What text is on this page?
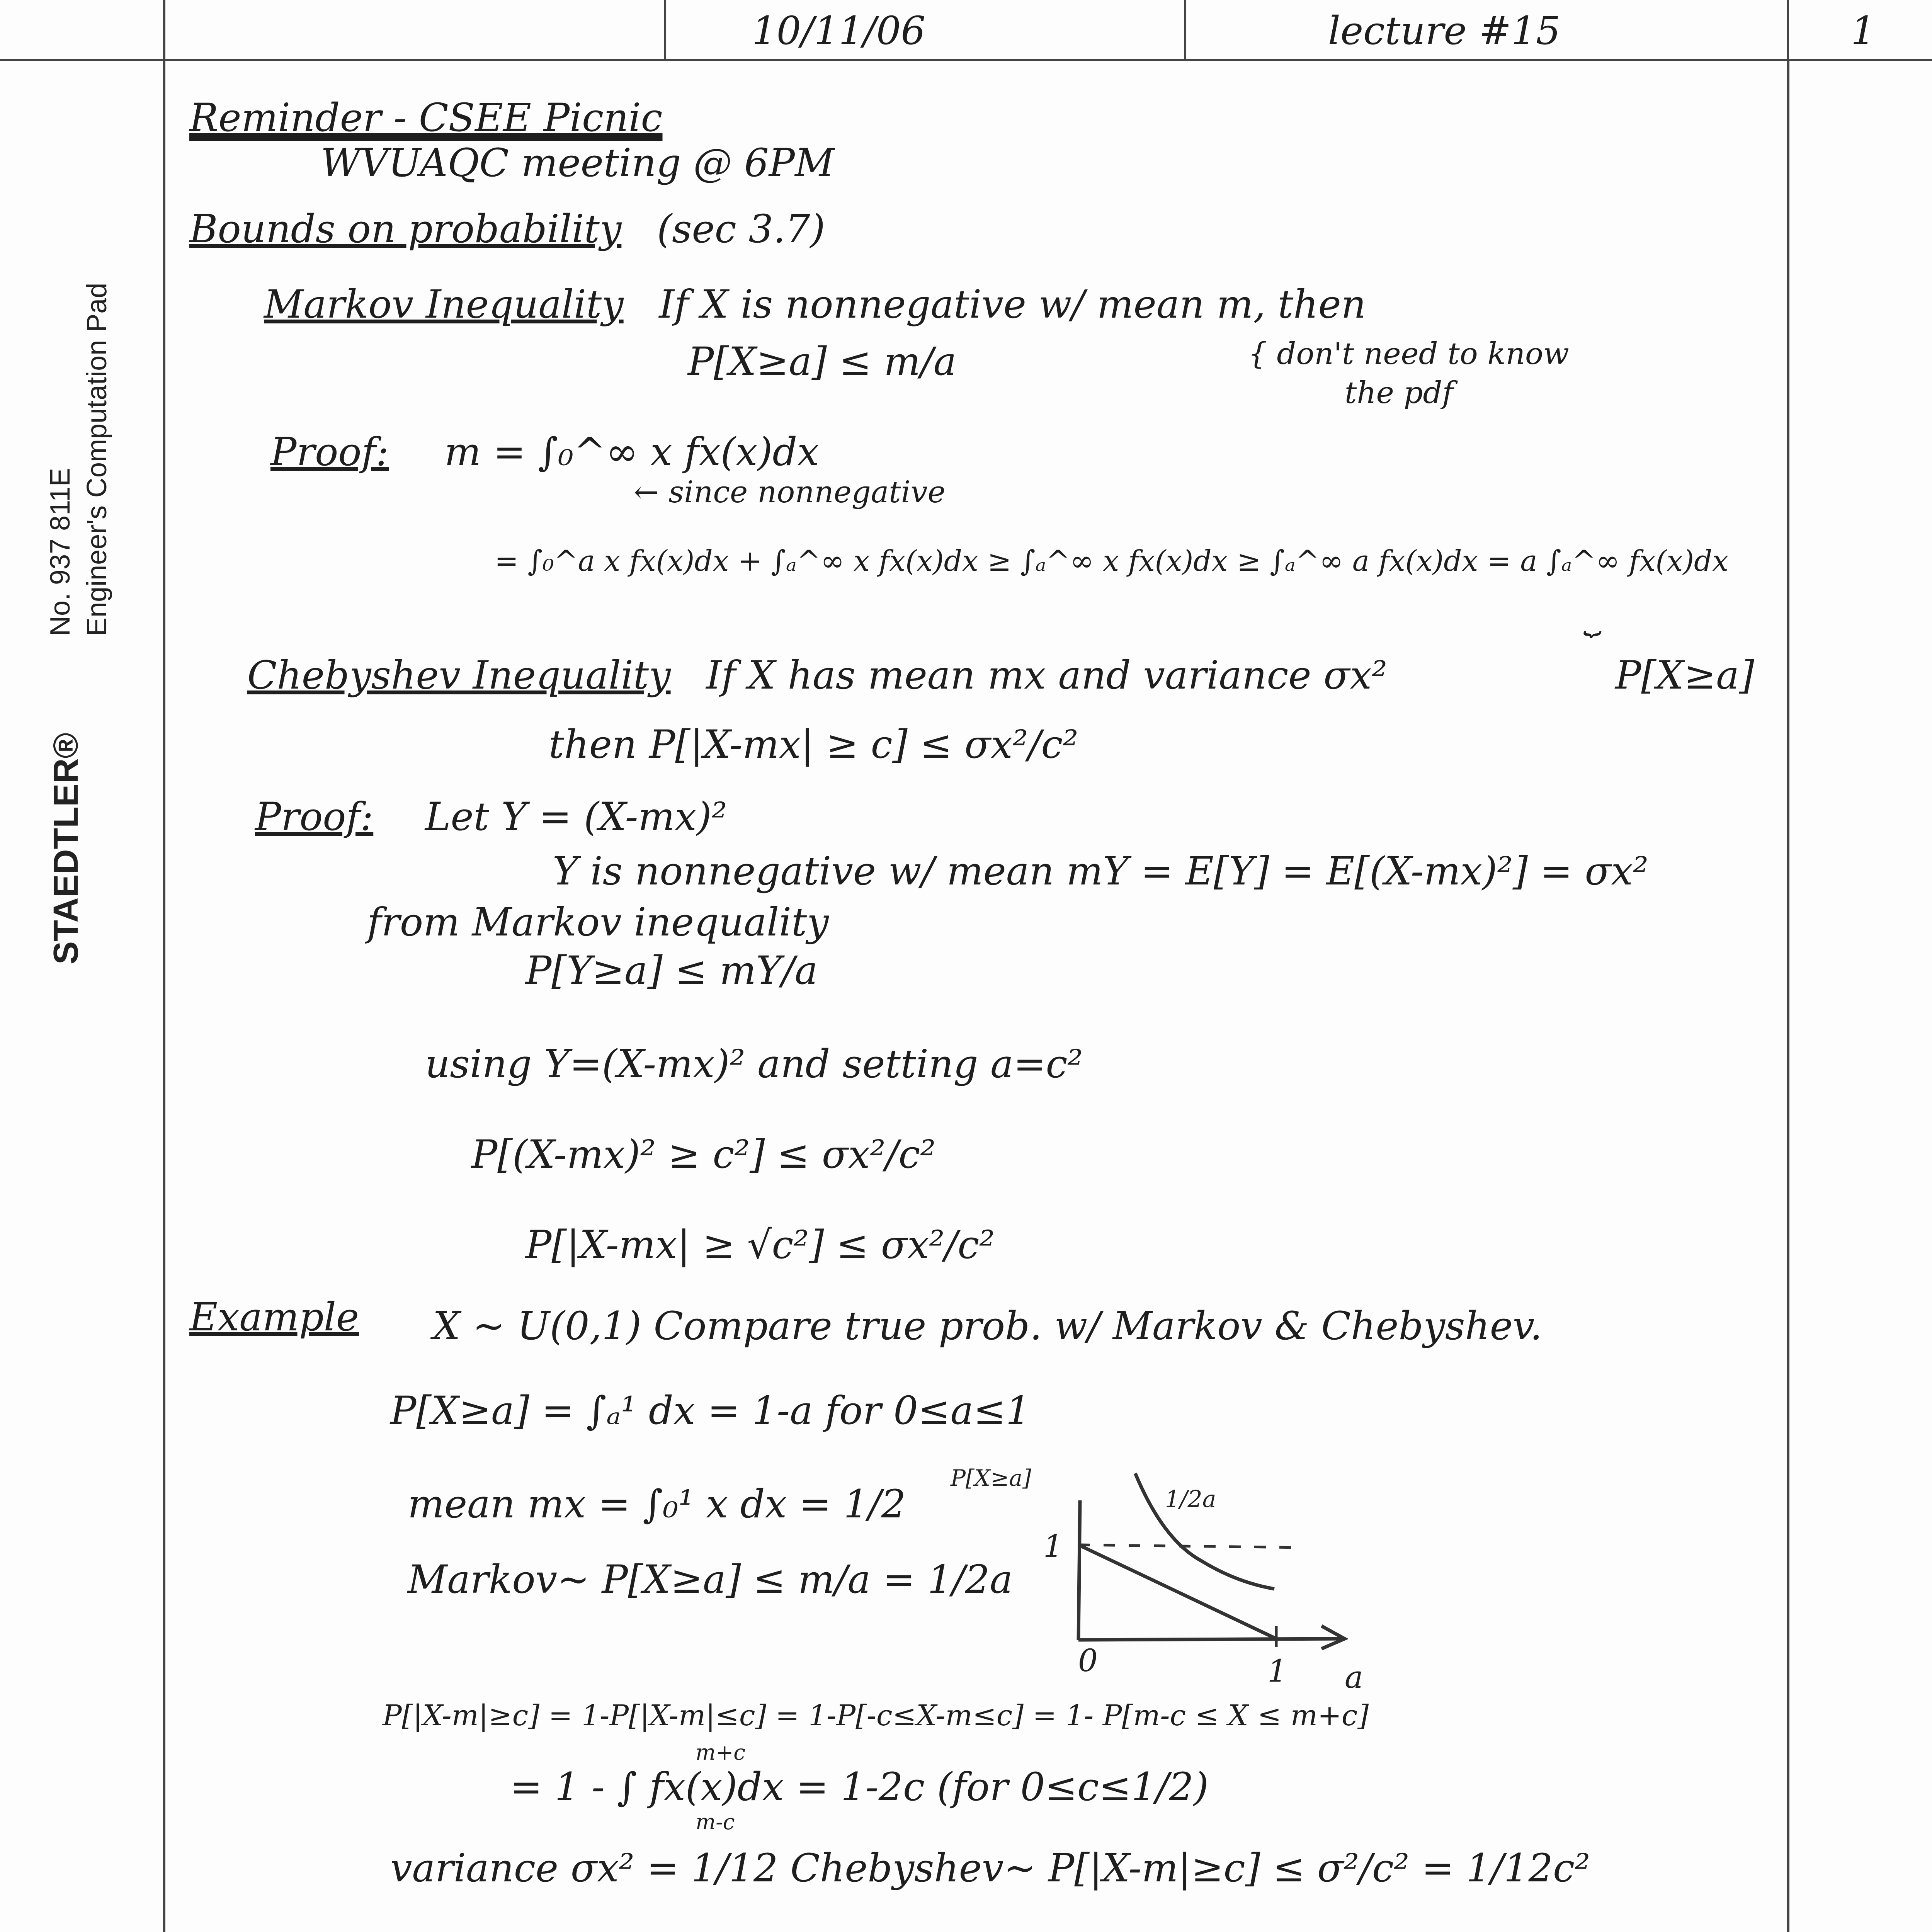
10/11/06	lecture #15	1
STAEDTLER®
No. 937 811E Engineer's Computation Pad
Reminder - CSEE Picnic
WVUAQC meeting @ 6PM
Bounds on probability (sec 3.7)
Markov Inequality If X is nonnegative w/ mean m, then
P[X≥a] ≤ m/a	{ don't need to know
the pdf
Proof: m = ∫₀^∞ x fx(x)dx
← since nonnegative
= ∫₀^a x fx(x)dx + ∫ₐ^∞ x fx(x)dx ≥ ∫ₐ^∞ x fx(x)dx ≥ ∫ₐ^∞ a fx(x)dx = a ∫ₐ^∞ fx(x)dx
⏟
P[X≥a]
Chebyshev Inequality If X has mean mx and variance σx²
then P[|X-mx| ≥ c] ≤ σx²/c²
Proof: Let Y = (X-mx)²
Y is nonnegative w/ mean mY = E[Y] = E[(X-mx)²] = σx²
from Markov inequality
P[Y≥a] ≤ mY/a
using Y=(X-mx)² and setting a=c²
P[(X-mx)² ≥ c²] ≤ σx²/c²
P[|X-mx| ≥ √c²] ≤ σx²/c²
Example X ~ U(0,1) Compare true prob. w/ Markov & Chebyshev.
P[X≥a] = ∫ₐ¹ dx = 1-a for 0≤a≤1
mean mx = ∫₀¹ x dx = 1/2
Markov~ P[X≥a] ≤ m/a = 1/2a
P[|X-m|≥c] = 1-P[|X-m|≤c] = 1-P[-c≤X-m≤c] = 1- P[m-c ≤ X ≤ m+c]
m+c
= 1 - ∫ fx(x)dx = 1-2c (for 0≤c≤1/2)
m-c
variance σx² = 1/12 Chebyshev~ P[|X-m|≥c] ≤ σ²/c² = 1/12c²
P[X≥a]
1/2a
1
0	1 a
